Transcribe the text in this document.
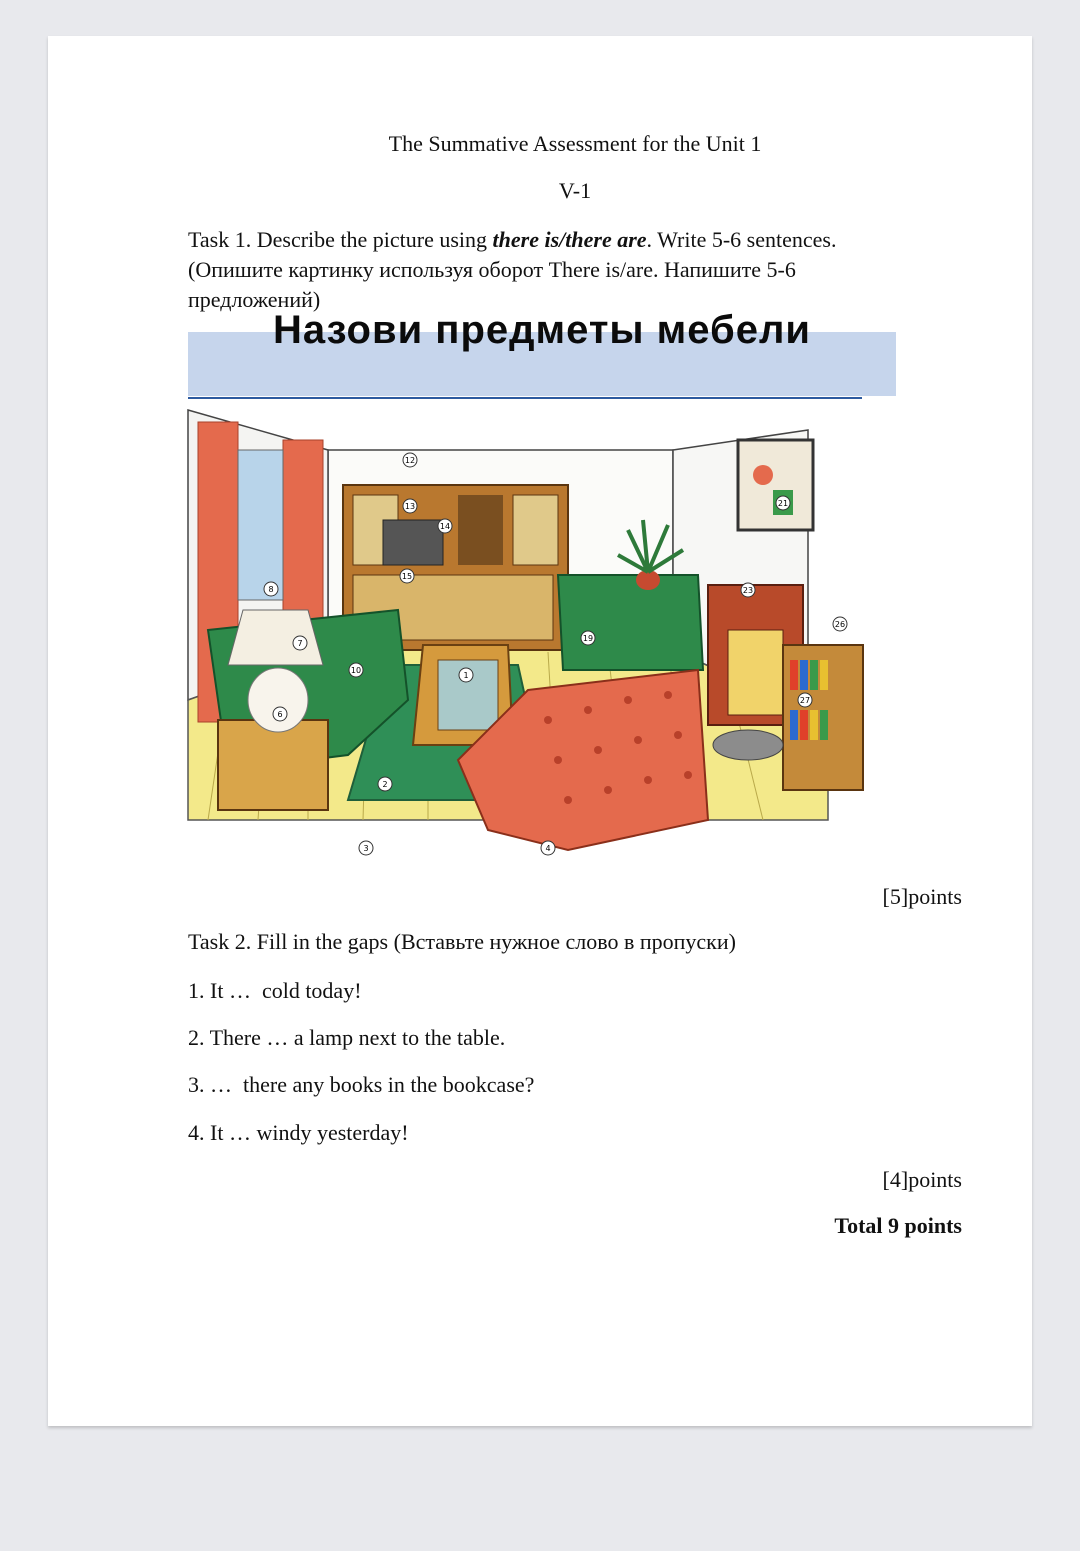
The Summative Assessment for the Unit 1
V-1
Task 1. Describe the picture using there is/there are. Write 5-6 sentences. (Опишите картинку используя оборот There is/are. Напишите 5-6 предложений)
Назови предметы мебели
12
13
14
15
8
7
10
1
6
2
3	4
19
23
21
26
27
[5]points
Task 2. Fill in the gaps (Вставьте нужное слово в пропуски)
1. It …  cold today!
2. There … a lamp next to the table.
3. …  there any books in the bookcase?
4. It … windy yesterday!
[4]points
Total 9 points
